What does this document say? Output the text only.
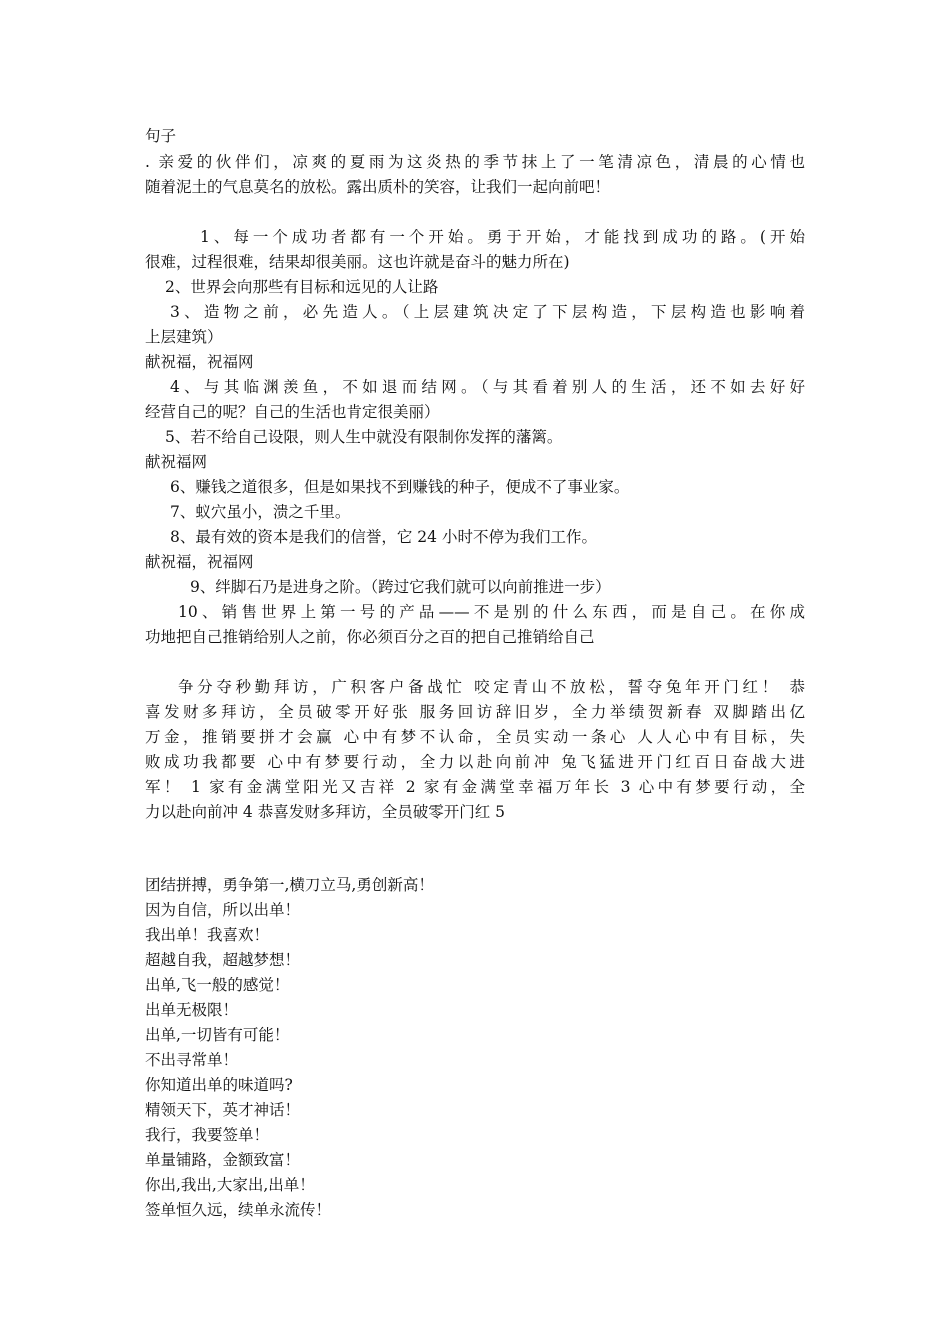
句子
. 亲爱的伙伴们，凉爽的夏雨为这炎热的季节抹上了一笔清凉色，清晨的心情也
随着泥土的气息莫名的放松。露出质朴的笑容，让我们一起向前吧！
1、每一个成功者都有一个开始。勇于开始，才能找到成功的路。(开始
很难，过程很难，结果却很美丽。这也许就是奋斗的魅力所在)
2、世界会向那些有目标和远见的人让路
3、造物之前，必先造人。（上层建筑决定了下层构造，下层构造也影响着
上层建筑）
献祝福，祝福网
4、与其临渊羡鱼，不如退而结网。（与其看着别人的生活，还不如去好好
经营自己的呢？自己的生活也肯定很美丽）
5、若不给自己设限，则人生中就没有限制你发挥的藩篱。
献祝福网
6、赚钱之道很多，但是如果找不到赚钱的种子，便成不了事业家。
7、蚁穴虽小，溃之千里。
8、最有效的资本是我们的信誉，它 24 小时不停为我们工作。
献祝福，祝福网
9、绊脚石乃是进身之阶。（跨过它我们就可以向前推进一步）
10、销售世界上第一号的产品——不是别的什么东西，而是自己。在你成
功地把自己推销给别人之前，你必须百分之百的把自己推销给自己
争分夺秒勤拜访，广积客户备战忙 咬定青山不放松，誓夺兔年开门红！ 恭
喜发财多拜访，全员破零开好张 服务回访辞旧岁，全力举绩贺新春 双脚踏出亿
万金，推销要拼才会赢 心中有梦不认命，全员实动一条心 人人心中有目标，失
败成功我都要 心中有梦要行动，全力以赴向前冲 兔飞猛进开门红百日奋战大进
军！ 1 家有金满堂阳光又吉祥 2 家有金满堂幸福万年长 3 心中有梦要行动，全
力以赴向前冲 4 恭喜发财多拜访，全员破零开门红 5
团结拼搏，勇争第一,横刀立马,勇创新高！
因为自信，所以出单！
我出单！我喜欢！
超越自我，超越梦想！
出单,飞一般的感觉！
出单无极限！
出单,一切皆有可能！
不出寻常单！
你知道出单的味道吗?
精领天下，英才神话！
我行，我要签单！
单量铺路，金额致富！
你出,我出,大家出,出单！
签单恒久远，续单永流传！
